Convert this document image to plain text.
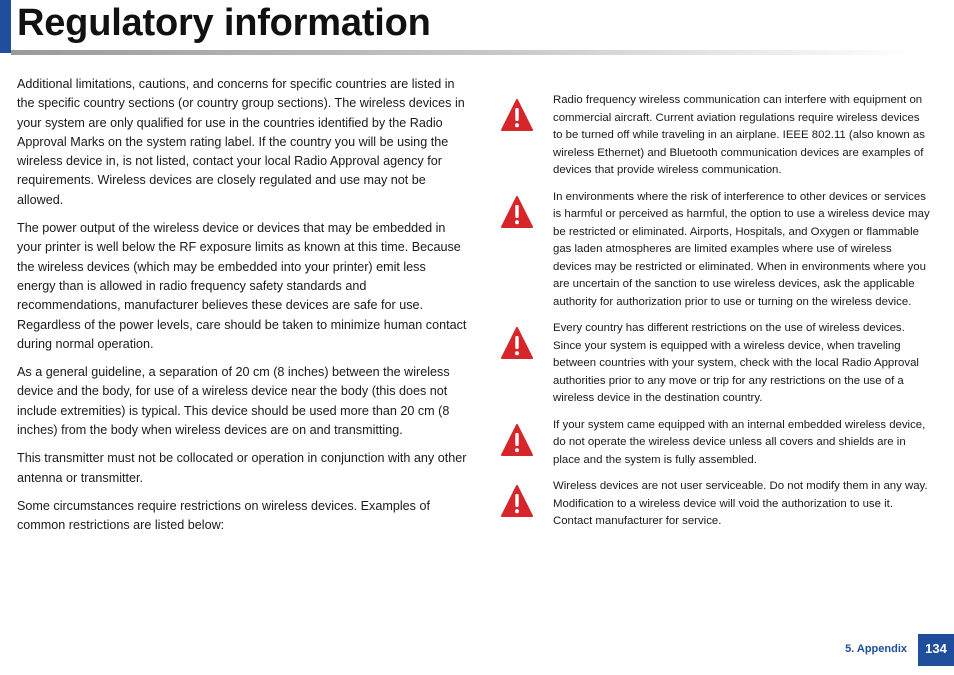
Regulatory information

Additional limitations, cautions, and concerns for specific countries are listed in the specific country sections (or country group sections). The wireless devices in your system are only qualified for use in the countries identified by the Radio Approval Marks on the system rating label. If the country you will be using the wireless device in, is not listed, contact your local Radio Approval agency for requirements. Wireless devices are closely regulated and use may not be allowed.

The power output of the wireless device or devices that may be embedded in your printer is well below the RF exposure limits as known at this time. Because the wireless devices (which may be embedded into your printer) emit less energy than is allowed in radio frequency safety standards and recommendations, manufacturer believes these devices are safe for use. Regardless of the power levels, care should be taken to minimize human contact during normal operation.

As a general guideline, a separation of 20 cm (8 inches) between the wireless device and the body, for use of a wireless device near the body (this does not include extremities) is typical. This device should be used more than 20 cm (8 inches) from the body when wireless devices are on and transmitting.

This transmitter must not be collocated or operation in conjunction with any other antenna or transmitter.

Some circumstances require restrictions on wireless devices. Examples of common restrictions are listed below:

Radio frequency wireless communication can interfere with equipment on commercial aircraft. Current aviation regulations require wireless devices to be turned off while traveling in an airplane. IEEE 802.11 (also known as wireless Ethernet) and Bluetooth communication devices are examples of devices that provide wireless communication.

In environments where the risk of interference to other devices or services is harmful or perceived as harmful, the option to use a wireless device may be restricted or eliminated. Airports, Hospitals, and Oxygen or flammable gas laden atmospheres are limited examples where use of wireless devices may be restricted or eliminated. When in environments where you are uncertain of the sanction to use wireless devices, ask the applicable authority for authorization prior to use or turning on the wireless device.

Every country has different restrictions on the use of wireless devices. Since your system is equipped with a wireless device, when traveling between countries with your system, check with the local Radio Approval authorities prior to any move or trip for any restrictions on the use of a wireless device in the destination country.

If your system came equipped with an internal embedded wireless device, do not operate the wireless device unless all covers and shields are in place and the system is fully assembled.

Wireless devices are not user serviceable. Do not modify them in any way. Modification to a wireless device will void the authorization to use it. Contact manufacturer for service.

5. Appendix	134
